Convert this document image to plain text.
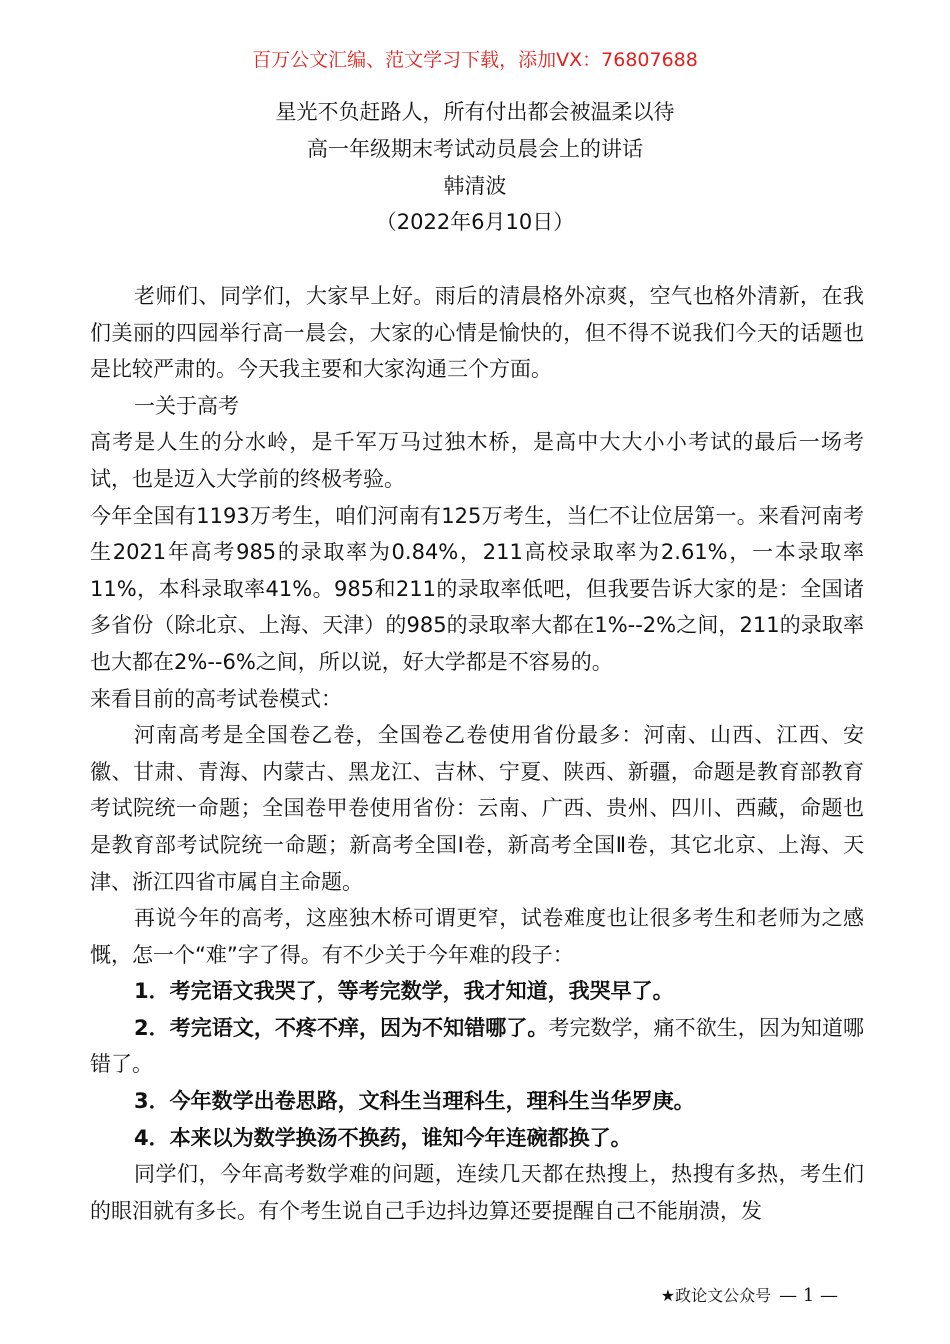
百万公文汇编、范文学习下载，添加VX：76807688
星光不负赶路人，所有付出都会被温柔以待
高一年级期末考试动员晨会上的讲话
韩清波
（2022年6月10日）

老师们、同学们，大家早上好。雨后的清晨格外凉爽，空气也格外清新，在我们美丽的四园举行高一晨会，大家的心情是愉快的，但不得不说我们今天的话题也是比较严肃的。今天我主要和大家沟通三个方面。

一关于高考

高考是人生的分水岭，是千军万马过独木桥，是高中大大小小考试的最后一场考试，也是迈入大学前的终极考验。

今年全国有1193万考生，咱们河南有125万考生，当仁不让位居第一。来看河南考生2021年高考985的录取率为0.84%，211高校录取率为2.61%，一本录取率11%，本科录取率41%。985和211的录取率低吧，但我要告诉大家的是：全国诸多省份（除北京、上海、天津）的985的录取率大都在1%--2%之间，211的录取率也大都在2%--6%之间，所以说，好大学都是不容易的。

来看目前的高考试卷模式：

河南高考是全国卷乙卷，全国卷乙卷使用省份最多：河南、山西、江西、安徽、甘肃、青海、内蒙古、黑龙江、吉林、宁夏、陕西、新疆，命题是教育部教育考试院统一命题；全国卷甲卷使用省份：云南、广西、贵州、四川、西藏，命题也是教育部考试院统一命题；新高考全国Ⅰ卷，新高考全国Ⅱ卷，其它北京、上海、天津、浙江四省市属自主命题。

再说今年的高考，这座独木桥可谓更窄，试卷难度也让很多考生和老师为之感慨，怎一个“难”字了得。有不少关于今年难的段子：

1．考完语文我哭了，等考完数学，我才知道，我哭早了。

2．考完语文，不疼不痒，因为不知错哪了。考完数学，痛不欲生，因为知道哪错了。

3．今年数学出卷思路，文科生当理科生，理科生当华罗庚。

4．本来以为数学换汤不换药，谁知今年连碗都换了。

同学们，今年高考数学难的问题，连续几天都在热搜上，热搜有多热，考生们的眼泪就有多长。有个考生说自己手边抖边算还要提醒自己不能崩溃，发

★政论文公众号 — 1 —
